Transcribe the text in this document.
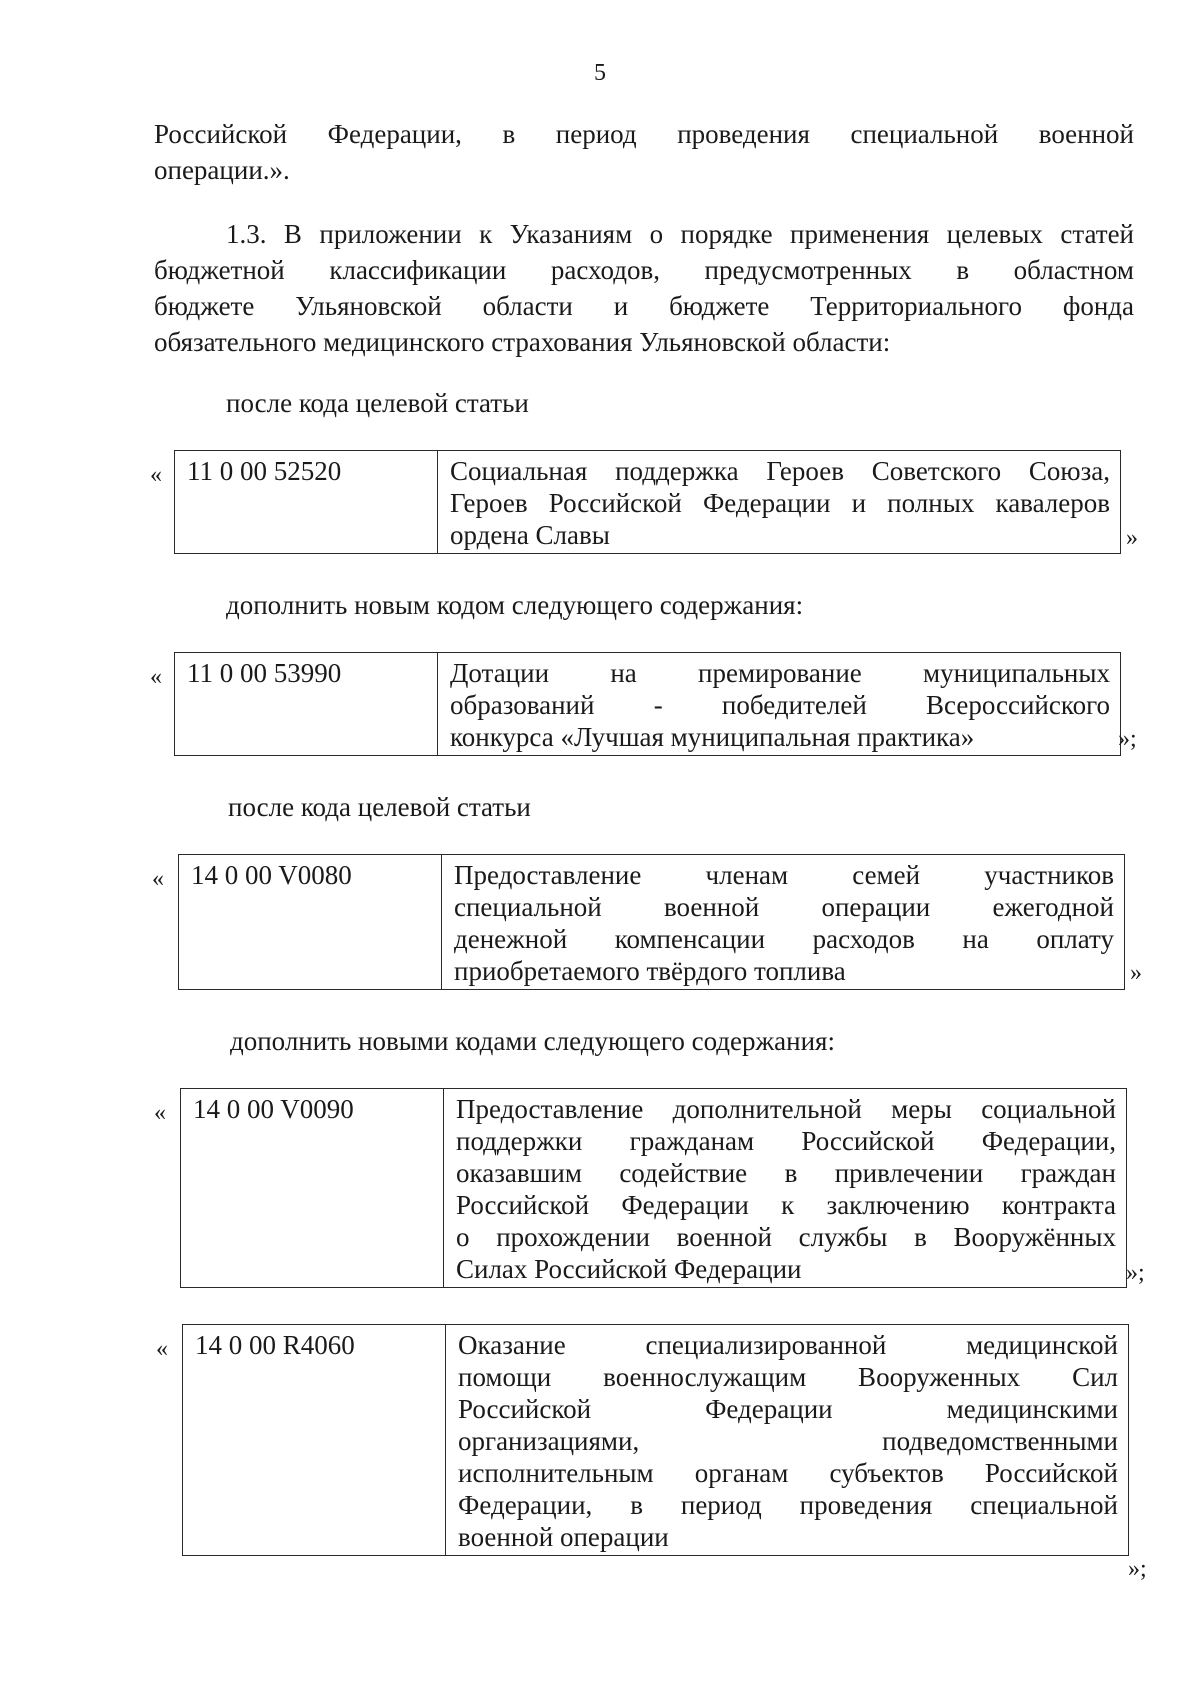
5

Российской Федерации, в период проведения специальной военной
операции.».

1.3. В приложении к Указаниям о порядке применения целевых статей
бюджетной классификации расходов, предусмотренных в областном
бюджете Ульяновской области и бюджете Территориального фонда
обязательного медицинского страхования Ульяновской области:

после кода целевой статьи
« 11 0 00 52520	Социальная поддержка Героев Советского Союза,
Героев Российской Федерации и полных кавалеров
ордена Славы	»
дополнить новым кодом следующего содержания:
« 11 0 00 53990	Дотации на премирование муниципальных
образований - победителей Всероссийского
конкурса «Лучшая муниципальная практика»	»;
после кода целевой статьи
« 14 0 00 V0080	Предоставление членам семей участников
специальной военной операции ежегодной
денежной компенсации расходов на оплату
приобретаемого твёрдого топлива	»
дополнить новыми кодами следующего содержания:
« 14 0 00 V0090	Предоставление дополнительной меры социальной
поддержки гражданам Российской Федерации,
оказавшим содействие в привлечении граждан
Российской Федерации к заключению контракта
о прохождении военной службы в Вооружённых
Силах Российской Федерации	»;
« 14 0 00 R4060	Оказание специализированной медицинской
помощи военнослужащим Вооруженных Сил
Российской Федерации медицинскими
организациями, подведомственными
исполнительным органам субъектов Российской
Федерации, в период проведения специальной
военной операции
»;
